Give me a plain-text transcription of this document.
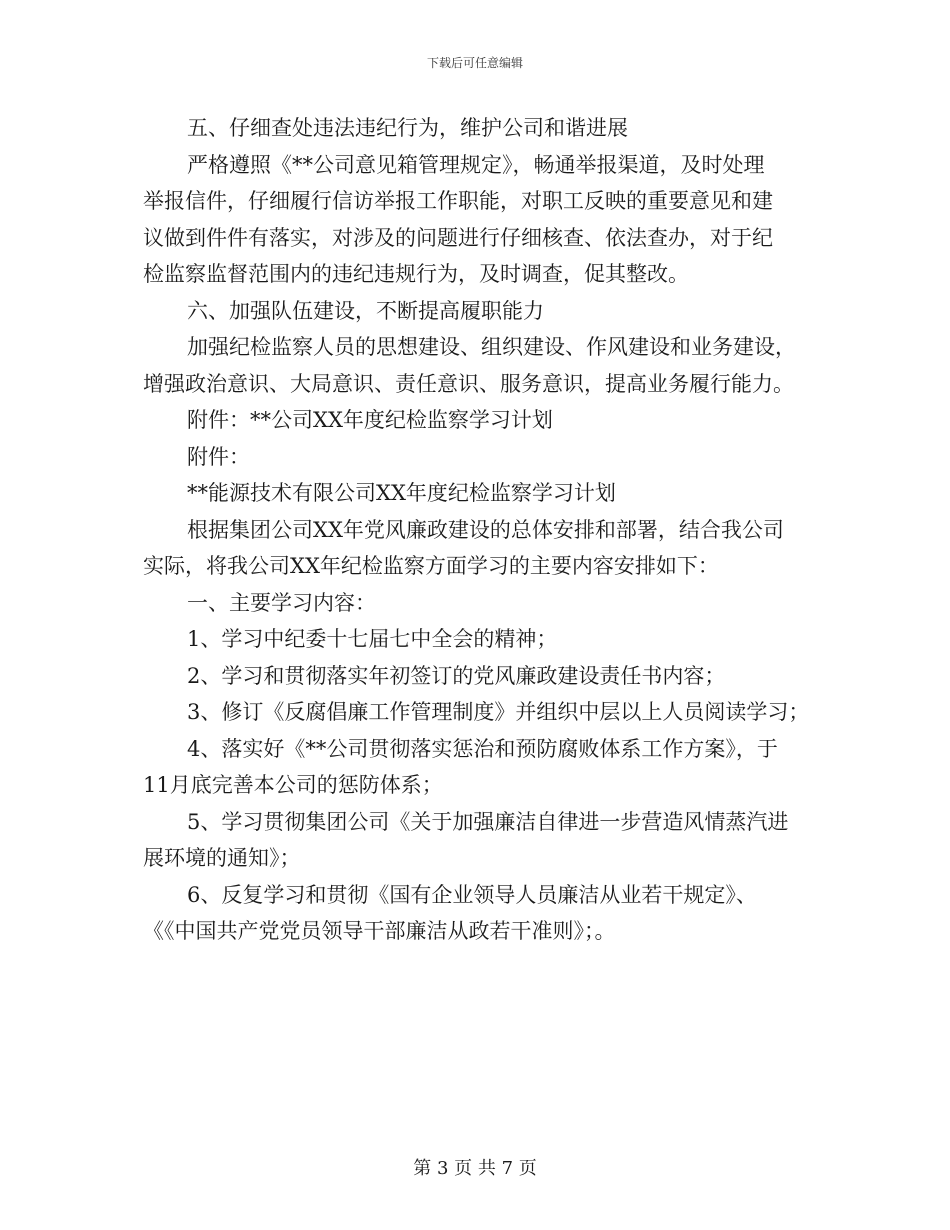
下载后可任意编辑
五、仔细查处违法违纪行为，维护公司和谐进展
严格遵照《**公司意见箱管理规定》，畅通举报渠道，及时处理
举报信件，仔细履行信访举报工作职能，对职工反映的重要意见和建
议做到件件有落实，对涉及的问题进行仔细核查、依法查办，对于纪
检监察监督范围内的违纪违规行为，及时调查，促其整改。
六、加强队伍建设，不断提高履职能力
加强纪检监察人员的思想建设、组织建设、作风建设和业务建设，
增强政治意识、大局意识、责任意识、服务意识，提高业务履行能力。
附件：**公司XX年度纪检监察学习计划
附件：
**能源技术有限公司XX年度纪检监察学习计划
根据集团公司XX年党风廉政建设的总体安排和部署，结合我公司
实际，将我公司XX年纪检监察方面学习的主要内容安排如下：
一、主要学习内容：
1、学习中纪委十七届七中全会的精神；
2、学习和贯彻落实年初签订的党风廉政建设责任书内容；
3、修订《反腐倡廉工作管理制度》并组织中层以上人员阅读学习；
4、落实好《**公司贯彻落实惩治和预防腐败体系工作方案》，于
11月底完善本公司的惩防体系；
5、学习贯彻集团公司《关于加强廉洁自律进一步营造风情蒸汽进
展环境的通知》；
6、反复学习和贯彻《国有企业领导人员廉洁从业若干规定》、
《《中国共产党党员领导干部廉洁从政若干准则》；。
第 3 页 共 7 页
